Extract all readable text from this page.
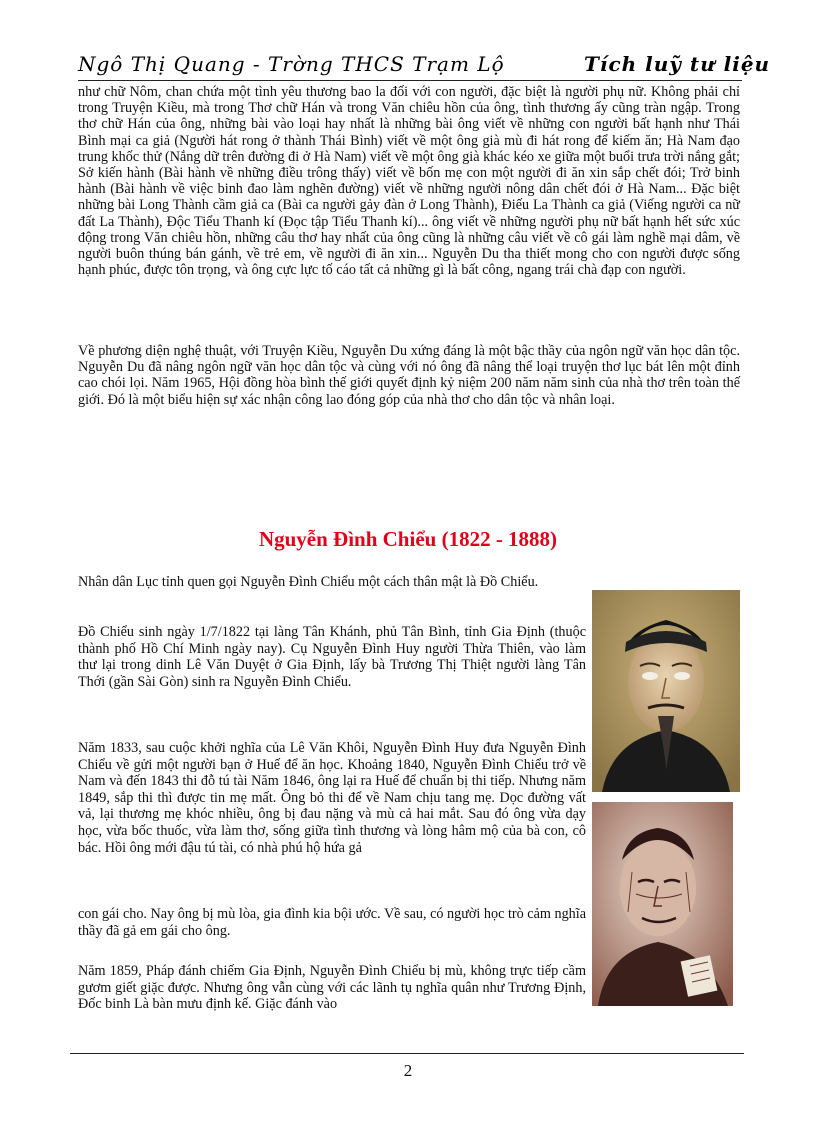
Ngô Thị Quang - Trờng THCS Trạm Lộ	Tích luỹ tư liệu

như chữ Nôm, chan chứa một tình yêu thương bao la đối với con người, đặc biệt là người phụ nữ. Không phải chỉ trong Truyện Kiều, mà trong Thơ chữ Hán và trong Văn chiêu hồn của ông, tình thương ấy cũng tràn ngập. Trong thơ chữ Hán của ông, những bài vào loại hay nhất là những bài ông viết về những con người bất hạnh như Thái Bình mại ca giả (Người hát rong ở thành Thái Bình) viết về một ông già mù đi hát rong để kiếm ăn; Hà Nam đạo trung khốc thử (Nắng dữ trên đường đi ở Hà Nam) viết về một ông già khác kéo xe giữa một buổi trưa trời nắng gắt; Sở kiến hành (Bài hành về những điều trông thấy) viết về bốn mẹ con một người đi ăn xin sắp chết đói; Trở binh hành (Bài hành về việc binh đao làm nghẽn đường) viết về những người nông dân chết đói ở Hà Nam... Đặc biệt những bài Long Thành cầm giả ca (Bài ca người gảy đàn ở Long Thành), Điếu La Thành ca giả (Viếng người ca nữ đất La Thành), Độc Tiểu Thanh kí (Đọc tập Tiểu Thanh kí)... ông viết về những người phụ nữ bất hạnh hết sức xúc động trong Văn chiêu hồn, những câu thơ hay nhất của ông cũng là những câu viết về cô gái làm nghề mại dâm, về người buôn thúng bán gánh, về trẻ em, về người đi ăn xin... Nguyễn Du tha thiết mong cho con người được sống hạnh phúc, được tôn trọng, và ông cực lực tố cáo tất cả những gì là bất công, ngang trái chà đạp con người.

Về phương diện nghệ thuật, với Truyện Kiều, Nguyễn Du xứng đáng là một bậc thầy của ngôn ngữ văn học dân tộc. Nguyễn Du đã nâng ngôn ngữ văn học dân tộc và cùng với nó ông đã nâng thể loại truyện thơ lục bát lên một đỉnh cao chói lọi. Năm 1965, Hội đồng hòa bình thế giới quyết định kỷ niệm 200 năm năm sinh của nhà thơ trên toàn thế giới. Đó là một biểu hiện sự xác nhận công lao đóng góp của nhà thơ cho dân tộc và nhân loại.

Nguyễn Đình Chiểu (1822 - 1888)

Nhân dân Lục tỉnh quen gọi Nguyễn Đình Chiểu một cách thân mật là Đồ Chiểu.

Đồ Chiểu sinh ngày 1/7/1822 tại làng Tân Khánh, phủ Tân Bình, tỉnh Gia Định (thuộc thành phố Hồ Chí Minh ngày nay). Cụ Nguyễn Đình Huy người Thừa Thiên, vào làm thư lại trong dinh Lê Văn Duyệt ở Gia Định, lấy bà Trương Thị Thiệt người làng Tân Thới (gần Sài Gòn) sinh ra Nguyễn Đình Chiểu.

Năm 1833, sau cuộc khởi nghĩa của Lê Văn Khôi, Nguyễn Đình Huy đưa Nguyễn Đình Chiểu về gửi một người bạn ở Huế để ăn học. Khoảng 1840, Nguyễn Đình Chiểu trở về Nam và đến 1843 thi đỗ tú tài Năm 1846, ông lại ra Huế để chuẩn bị thi tiếp. Nhưng năm 1849, sắp thi thì được tin mẹ mất. Ông bỏ thi để về Nam chịu tang mẹ. Dọc đường vất vả, lại thương mẹ khóc nhiều, ông bị đau nặng và mù cả hai mắt. Sau đó ông vừa dạy học, vừa bốc thuốc, vừa làm thơ, sống giữa tình thương và lòng hâm mộ của bà con, cô bác. Hồi ông mới đậu tú tài, có nhà phú hộ hứa gả

con gái cho. Nay ông bị mù lòa, gia đình kia bội ước. Về sau, có người học trò cảm nghĩa thầy đã gả em gái cho ông.

Năm 1859, Pháp đánh chiếm Gia Định, Nguyễn Đình Chiểu bị mù, không trực tiếp cầm gươm giết giặc được. Nhưng ông vẫn cùng với các lãnh tụ nghĩa quân như Trương Định, Đốc binh Là bàn mưu định kế. Giặc đánh vào

2
